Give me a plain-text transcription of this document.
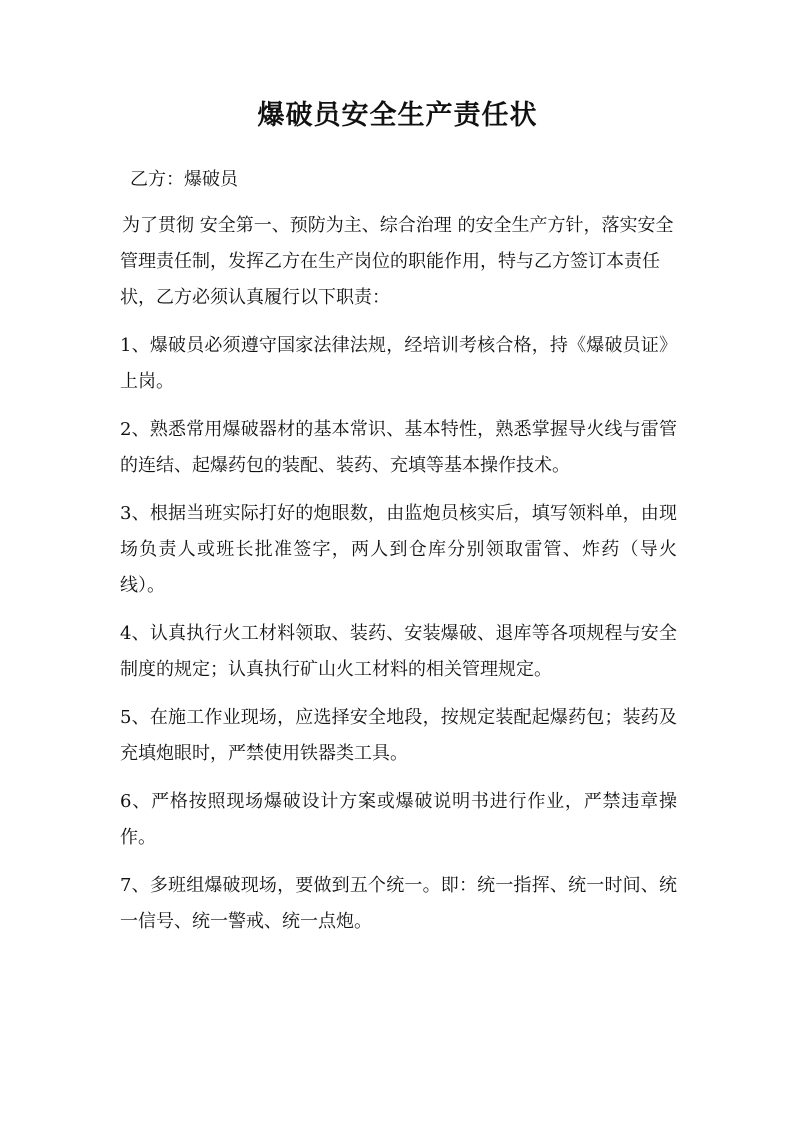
爆破员安全生产责任状

乙方：爆破员

为了贯彻 安全第一、预防为主、综合治理 的安全生产方针，落实安全管理责任制，发挥乙方在生产岗位的职能作用，特与乙方签订本责任状，乙方必须认真履行以下职责：

1、爆破员必须遵守国家法律法规，经培训考核合格，持《爆破员证》上岗。
2、熟悉常用爆破器材的基本常识、基本特性，熟悉掌握导火线与雷管的连结、起爆药包的装配、装药、充填等基本操作技术。
3、根据当班实际打好的炮眼数，由监炮员核实后，填写领料单，由现场负责人或班长批准签字，两人到仓库分别领取雷管、炸药（导火线）。
4、认真执行火工材料领取、装药、安装爆破、退库等各项规程与安全制度的规定；认真执行矿山火工材料的相关管理规定。
5、在施工作业现场，应选择安全地段，按规定装配起爆药包；装药及充填炮眼时，严禁使用铁器类工具。
6、严格按照现场爆破设计方案或爆破说明书进行作业，严禁违章操作。
7、多班组爆破现场，要做到五个统一。即：统一指挥、统一时间、统一信号、统一警戒、统一点炮。
